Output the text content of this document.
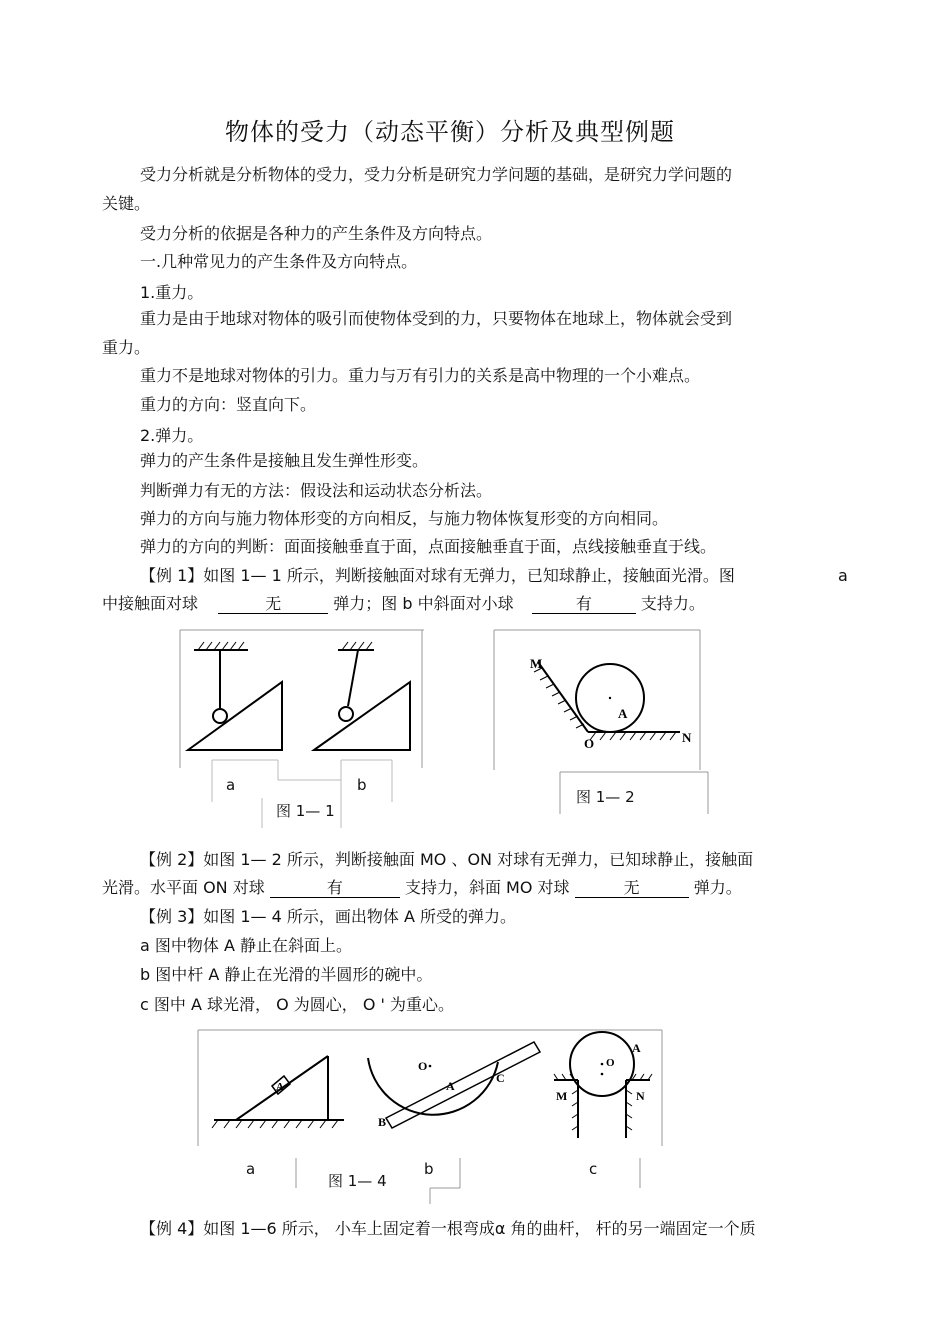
物体的受力（动态平衡）分析及典型例题
受力分析就是分析物体的受力，受力分析是研究力学问题的基础，是研究力学问题的
关键。
受力分析的依据是各种力的产生条件及方向特点。
一.几种常见力的产生条件及方向特点。
1.重力。
重力是由于地球对物体的吸引而使物体受到的力，只要物体在地球上，物体就会受到
重力。
重力不是地球对物体的引力。重力与万有引力的关系是高中物理的一个小难点。
重力的方向：竖直向下。
2.弹力。
弹力的产生条件是接触且发生弹性形变。
判断弹力有无的方法：假设法和运动状态分析法。
弹力的方向与施力物体形变的方向相反，与施力物体恢复形变的方向相同。
弹力的方向的判断：面面接触垂直于面，点面接触垂直于面，点线接触垂直于线。
【例 1】如图 1— 1 所示，判断接触面对球有无弹力，已知球静止，接触面光滑。图	a
中接触面对球	无	弹力；图 b 中斜面对小球	有	支持力。
a	b
图 1— 1
M
N
O
A
图 1— 2
【例 2】如图 1— 2 所示，判断接触面 MO 、ON 对球有无弹力，已知球静止，接触面
光滑。水平面 ON 对球	有	支持力，斜面 MO 对球	无	弹力。
【例 3】如图 1— 4 所示，画出物体 A 所受的弹力。
a 图中物体 A 静止在斜面上。
b 图中杆 A 静止在光滑的半圆形的碗中。
c 图中 A 球光滑， O 为圆心， O ' 为重心。
A
O
A
B
C
O
A
M	N
a	b	c
图 1— 4
【例 4】如图 1—6 所示， 小车上固定着一根弯成α 角的曲杆， 杆的另一端固定一个质
